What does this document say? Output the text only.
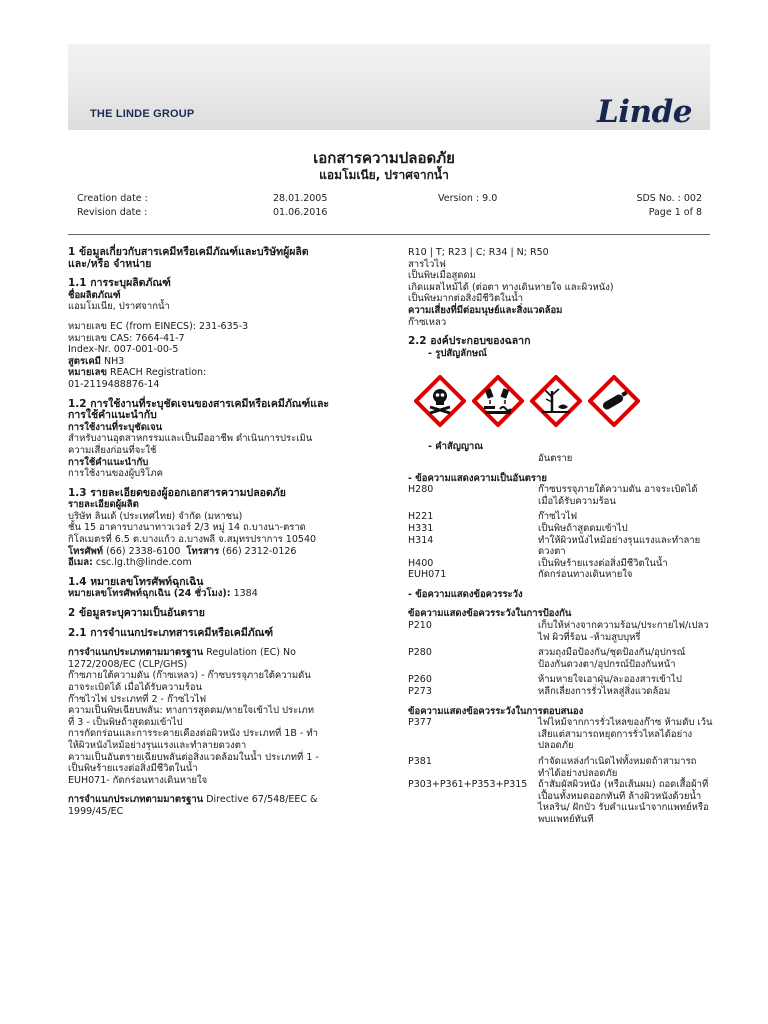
THE LINDE GROUP	Linde
เอกสารความปลอดภัย
แอมโมเนีย, ปราศจากน้ำ
Creation date :	28.01.2005	Version : 9.0	SDS No. : 002
Revision date :	01.06.2016	Page 1 of 8

1 ข้อมูลเกี่ยวกับสารเคมีหรือเคมีภัณฑ์และบริษัทผู้ผลิต

และ/หรือ จำหน่าย

1.1 การระบุผลิตภัณฑ์

ชื่อผลิตภัณฑ์

แอมโมเนีย, ปราศจากน้ำ

หมายเลข EC (from EINECS): 231-635-3

หมายเลข CAS: 7664-41-7

Index-Nr. 007-001-00-5

สูตรเคมี NH3

หมายเลข REACH Registration:

01-2119488876-14

1.2 การใช้งานที่ระบุชัดเจนของสารเคมีหรือเคมีภัณฑ์และ

การใช้คำแนะนำกับ

การใช้งานที่ระบุชัดเจน

สำหรับงานอุตสาหกรรมและเป็นมืออาชีพ ดำเนินการประเมิน

ความเสี่ยงก่อนที่จะใช้

การใช้คำแนะนำกับ

การใช้งานของผู้บริโภค

1.3 รายละเอียดของผู้ออกเอกสารความปลอดภัย

รายละเอียดผู้ผลิต

บริษัท ลินเด้ (ประเทศไทย) จำกัด (มหาชน)

ชั้น 15 อาคารบางนาทาวเวอร์ 2/3 หมู่ 14 ถ.บางนา-ตราด

กิโลเมตรที่ 6.5 ต.บางแก้ว อ.บางพลี จ.สมุทรปราการ 10540

โทรศัพท์ (66) 2338-6100 โทรสาร (66) 2312-0126

อีเมล: csc.lg.th@linde.com

1.4 หมายเลขโทรศัพท์ฉุกเฉิน

หมายเลขโทรศัพท์ฉุกเฉิน (24 ชั่วโมง): 1384

2 ข้อมูลระบุความเป็นอันตราย

2.1 การจำแนกประเภทสารเคมีหรือเคมีภัณฑ์

การจำแนกประเภทตามมาตรฐาน Regulation (EC) No

1272/2008/EC (CLP/GHS)

ก๊าซภายใต้ความดัน (ก๊าซเหลว) - ก๊าซบรรจุภายใต้ความดัน

อาจระเบิดได้ เมื่อได้รับความร้อน

ก๊าซไวไฟ ประเภทที่ 2 - ก๊าซไวไฟ

ความเป็นพิษเฉียบพลัน: ทางการสูดดม/หายใจเข้าไป ประเภท

ที่ 3 - เป็นพิษถ้าสูดดมเข้าไป

การกัดกร่อนและการระคายเคืองต่อผิวหนัง ประเภทที่ 1B - ทำ

ให้ผิวหนังไหม้อย่างรุนแรงและทำลายดวงตา

ความเป็นอันตรายเฉียบพลันต่อสิ่งแวดล้อมในน้ำ ประเภทที่ 1 -

เป็นพิษร้ายแรงต่อสิ่งมีชีวิตในน้ำ

EUH071- กัดกร่อนทางเดินหายใจ

การจำแนกประเภทตามมาตรฐาน Directive 67/548/EEC &

1999/45/EC

R10 | T; R23 | C; R34 | N; R50

สารไวไฟ

เป็นพิษเมื่อสูดดม

เกิดแผลไหม้ได้ (ต่อตา ทางเดินหายใจ และผิวหนัง)

เป็นพิษมากต่อสิ่งมีชีวิตในน้ำ

ความเสี่ยงที่มีต่อมนุษย์และสิ่งแวดล้อม

ก๊าซเหลว

2.2 องค์ประกอบของฉลาก

- รูปสัญลักษณ์

- คำสัญญาณ

อันตราย

- ข้อความแสดงความเป็นอันตราย

H280	ก๊าซบรรจุภายใต้ความดัน อาจระเบิดได้ เมื่อได้รับความร้อน
H221	ก๊าซไวไฟ
H331	เป็นพิษถ้าสูดดมเข้าไป
H314	ทำให้ผิวหนังไหม้อย่างรุนแรงและทำลายดวงตา
H400	เป็นพิษร้ายแรงต่อสิ่งมีชีวิตในน้ำ
EUH071	กัดกร่อนทางเดินหายใจ

- ข้อความแสดงข้อควรระวัง

ข้อความแสดงข้อควรระวังในการป้องกัน

P210	เก็บให้ห่างจากความร้อน/ประกายไฟ/เปลวไฟ ผิวที่ร้อน -ห้ามสูบบุหรี่
P280	สวมถุงมือป้องกัน/ชุดป้องกัน/อุปกรณ์ป้องกันดวงตา/อุปกรณ์ป้องกันหน้า
P260	ห้ามหายใจเอาฝุ่น/ละอองสารเข้าไป
P273	หลีกเลี่ยงการรั่วไหลสู่สิ่งแวดล้อม

ข้อความแสดงข้อควรระวังในการตอบสนอง

P377	ไฟไหม้จากการรั่วไหลของก๊าซ ห้ามดับ เว้นเสียแต่สามารถหยุดการรั่วไหลได้อย่างปลอดภัย
P381	กำจัดแหล่งกำเนิดไฟทั้งหมดถ้าสามารถทำได้อย่างปลอดภัย
P303+P361+P353+P315	ถ้าสัมผัสผิวหนัง (หรือเส้นผม) ถอดเสื้อผ้าที่เปื้อนทั้งหมดออกทันที ล้างผิวหนังด้วยน้ำไหลริน/ ฝักบัว รับคำแนะนำจากแพทย์หรือพบแพทย์ทันที
